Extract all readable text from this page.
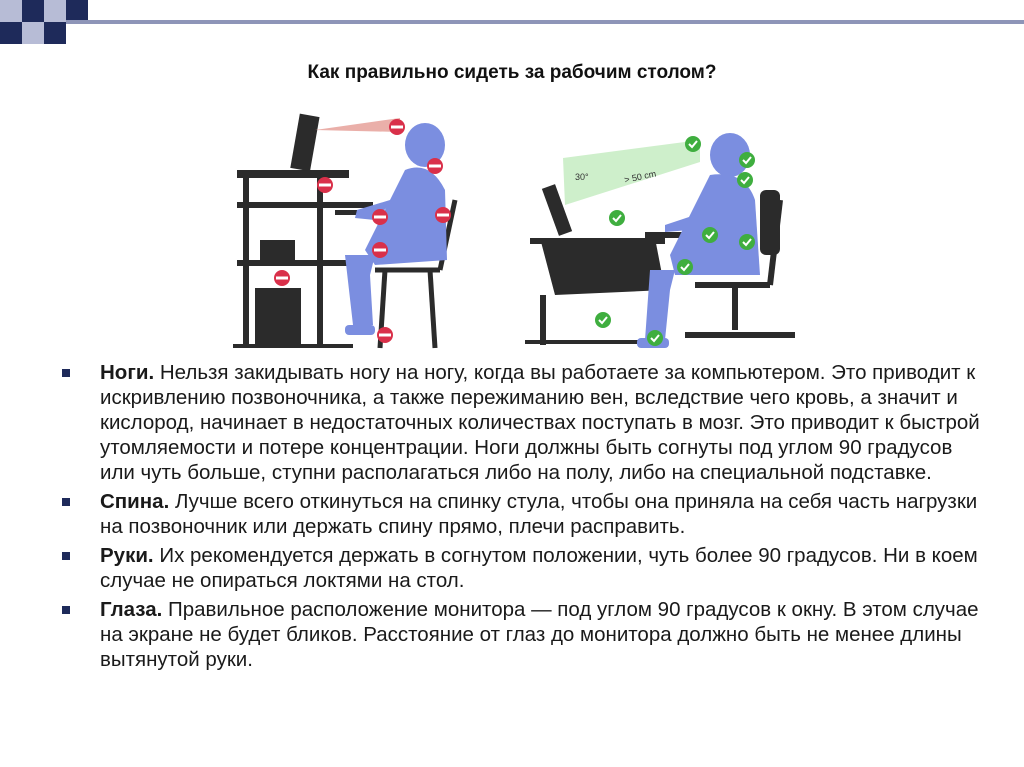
Как правильно сидеть за рабочим столом?
30°	> 50 cm
Ноги. Нельзя закидывать ногу на ногу, когда вы работаете за компьютером. Это приводит к искривлению позвоночника, а также пережиманию вен, вследствие чего кровь, а значит и кислород, начинает в недостаточных количествах поступать в мозг. Это приводит к быстрой утомляемости и потере концентрации. Ноги должны быть согнуты под углом 90 градусов или чуть больше, ступни располагаться либо на полу, либо на специальной подставке.
Спина. Лучше всего откинуться на спинку стула, чтобы она приняла на себя часть нагрузки на позвоночник или держать спину прямо, плечи расправить.
Руки. Их рекомендуется держать в согнутом положении, чуть более 90 градусов. Ни в коем случае не опираться локтями на стол.
Глаза. Правильное расположение монитора — под углом 90 градусов к окну. В этом случае на экране не будет бликов. Расстояние от глаз до монитора должно быть не менее длины вытянутой руки.
